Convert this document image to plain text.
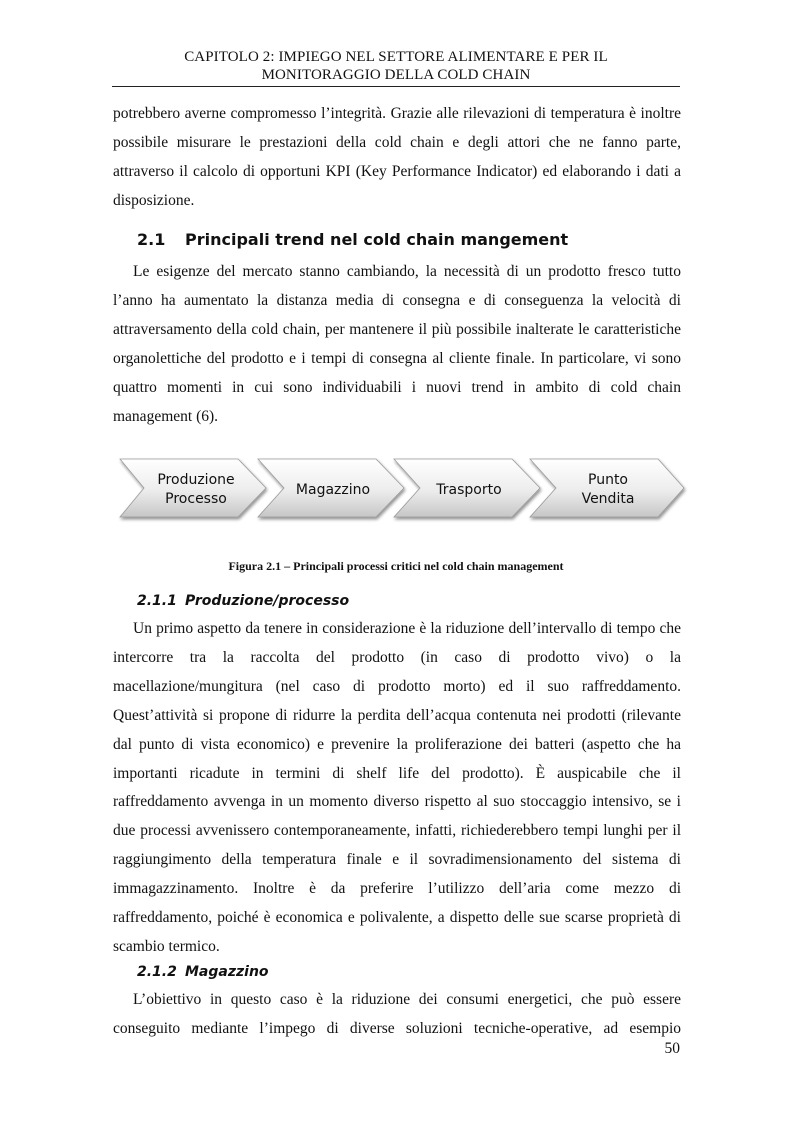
CAPITOLO 2: IMPIEGO NEL SETTORE ALIMENTARE E PER IL
MONITORAGGIO DELLA COLD CHAIN

potrebbero averne compromesso l’integrità. Grazie alle rilevazioni di temperatura è inoltre possibile misurare le prestazioni della cold chain e degli attori che ne fanno parte, attraverso il calcolo di opportuni KPI (Key Performance Indicator) ed elaborando i dati a disposizione.

2.1 Principali trend nel cold chain mangement

Le esigenze del mercato stanno cambiando, la necessità di un prodotto fresco tutto l’anno ha aumentato la distanza media di consegna e di conseguenza la velocità di attraversamento della cold chain, per mantenere il più possibile inalterate le caratteristiche organolettiche del prodotto e i tempi di consegna al cliente finale. In particolare, vi sono quattro momenti in cui sono individuabili i nuovi trend in ambito di cold chain management (6).

Produzione
Processo
Magazzino	Trasporto
Punto
Vendita
Figura 2.1 – Principali processi critici nel cold chain management
2.1.1 Produzione/processo

Un primo aspetto da tenere in considerazione è la riduzione dell’intervallo di tempo che intercorre tra la raccolta del prodotto (in caso di prodotto vivo) o la macellazione/mungitura (nel caso di prodotto morto) ed il suo raffreddamento. Quest’attività si propone di ridurre la perdita dell’acqua contenuta nei prodotti (rilevante dal punto di vista economico) e prevenire la proliferazione dei batteri (aspetto che ha importanti ricadute in termini di shelf life del prodotto). È auspicabile che il raffreddamento avvenga in un momento diverso rispetto al suo stoccaggio intensivo, se i due processi avvenissero contemporaneamente, infatti, richiederebbero tempi lunghi per il raggiungimento della temperatura finale e il sovradimensionamento del sistema di immagazzinamento. Inoltre è da preferire l’utilizzo dell’aria come mezzo di raffreddamento, poiché è economica e polivalente, a dispetto delle sue scarse proprietà di scambio termico.

2.1.2 Magazzino

L’obiettivo in questo caso è la riduzione dei consumi energetici, che può essere conseguito mediante l’impego di diverse soluzioni tecniche-operative, ad esempio

50
